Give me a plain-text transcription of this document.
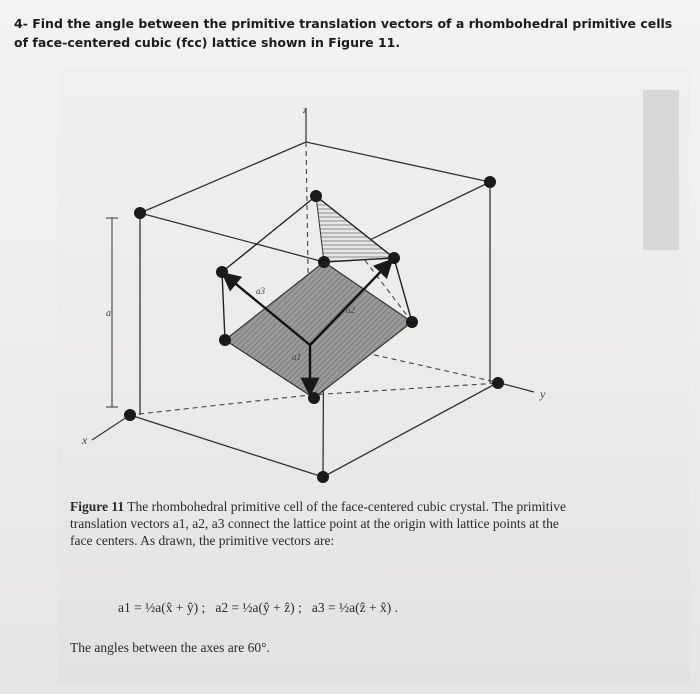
4- Find the angle between the primitive translation vectors of a rhombohedral primitive cells of face-centered cubic (fcc) lattice shown in Figure 11.
z
y
x
a
a3
a2
a1
Figure 11 The rhombohedral primitive cell of the face-centered cubic crystal. The primitive translation vectors a1, a2, a3 connect the lattice point at the origin with lattice points at the face centers. As drawn, the primitive vectors are:
a1 = ½a(x̂ + ŷ) ;   a2 = ½a(ŷ + ẑ) ;   a3 = ½a(ẑ + x̂) .
The angles between the axes are 60°.
